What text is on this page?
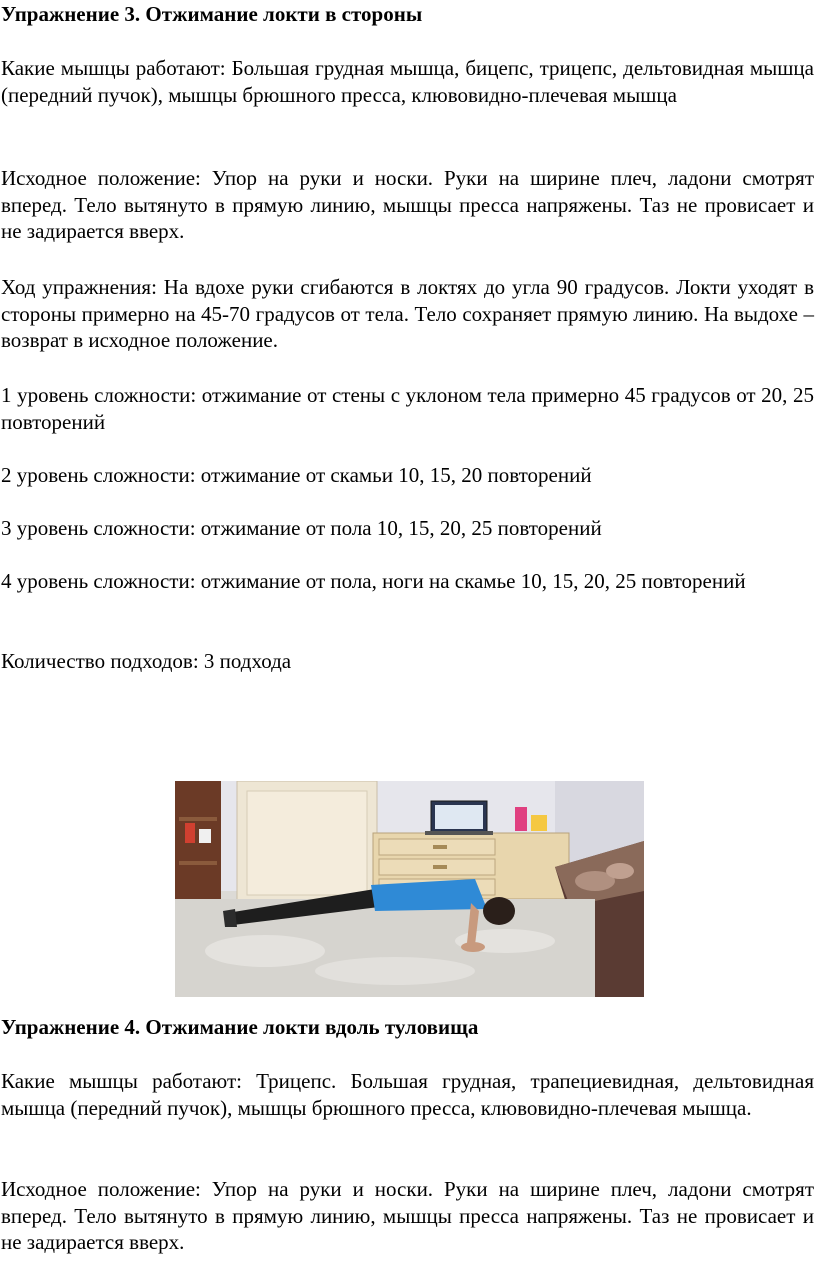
Упражнение 3. Отжимание локти в стороны

Какие мышцы работают: Большая грудная мышца, бицепс, трицепс, дельтовидная мышца (передний пучок), мышцы брюшного пресса, клювовидно-плечевая мышца

Исходное положение: Упор на руки и носки. Руки на ширине плеч, ладони смотрят вперед. Тело вытянуто в прямую линию, мышцы пресса напряжены. Таз не провисает и не задирается вверх.

Ход упражнения: На вдохе руки сгибаются в локтях до угла 90 градусов. Локти уходят в стороны примерно на 45-70 градусов от тела. Тело сохраняет прямую линию. На выдохе – возврат в исходное положение.

1 уровень сложности: отжимание от стены с уклоном тела примерно 45 градусов от 20, 25 повторений

2 уровень сложности: отжимание от скамьи 10, 15, 20 повторений

3 уровень сложности: отжимание от пола 10, 15, 20, 25 повторений

4 уровень сложности: отжимание от пола, ноги на скамье 10, 15, 20, 25 повторений

Количество подходов: 3 подхода

Упражнение 4. Отжимание локти вдоль туловища

Какие мышцы работают: Трицепс. Большая грудная, трапециевидная, дельтовидная мышца (передний пучок), мышцы брюшного пресса, клювовидно-плечевая мышца.

Исходное положение: Упор на руки и носки. Руки на ширине плеч, ладони смотрят вперед. Тело вытянуто в прямую линию, мышцы пресса напряжены. Таз не провисает и не задирается вверх.
